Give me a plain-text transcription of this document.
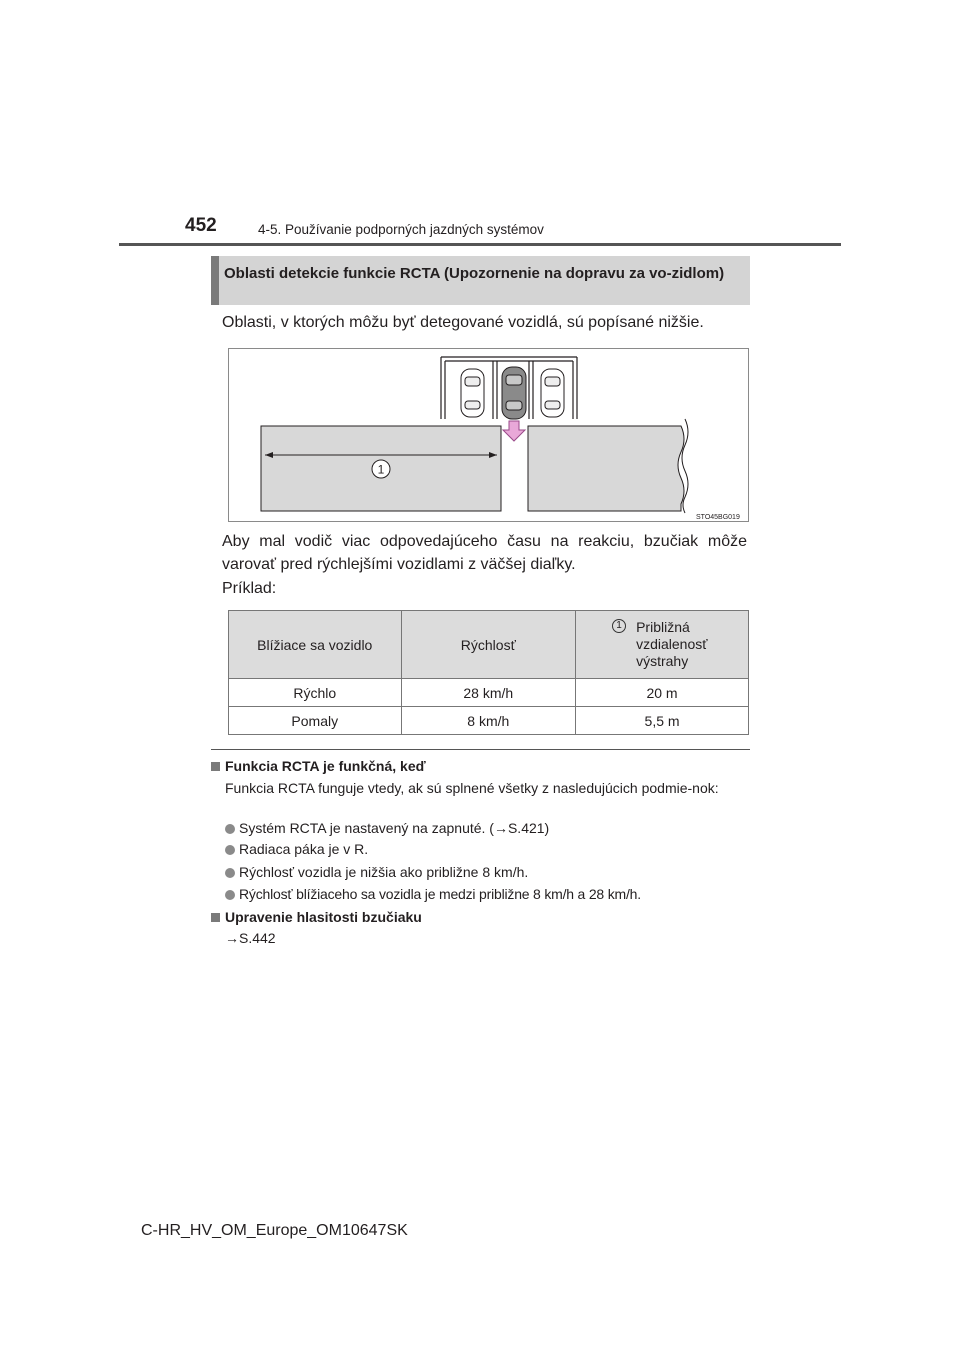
452	4-5. Používanie podporných jazdných systémov
Oblasti detekcie funkcie RCTA (Upozornenie na dopravu za vo-zidlom)
Oblasti, v ktorých môžu byť detegované vozidlá, sú popísané nižšie.
1
STO45BG019
Aby mal vodič viac odpovedajúceho času na reakciu, bzučiak môže varovať pred rýchlejšími vozidlami z väčšej diaľky.
Príklad:
Blížiace sa vozidlo	Rýchlosť	1 Približná vzdialenosť výstrahy

Rýchlo	28 km/h	20 m
Pomaly	8 km/h	5,5 m
Funkcia RCTA je funkčná, keď
Funkcia RCTA funguje vtedy, ak sú splnené všetky z nasledujúcich podmie-nok:
Systém RCTA je nastavený na zapnuté. (→S.421)
Radiaca páka je v R.
Rýchlosť vozidla je nižšia ako približne 8 km/h.
Rýchlosť blížiaceho sa vozidla je medzi približne 8 km/h a 28 km/h.
Upravenie hlasitosti bzučiaku
→S.442
C-HR_HV_OM_Europe_OM10647SK
